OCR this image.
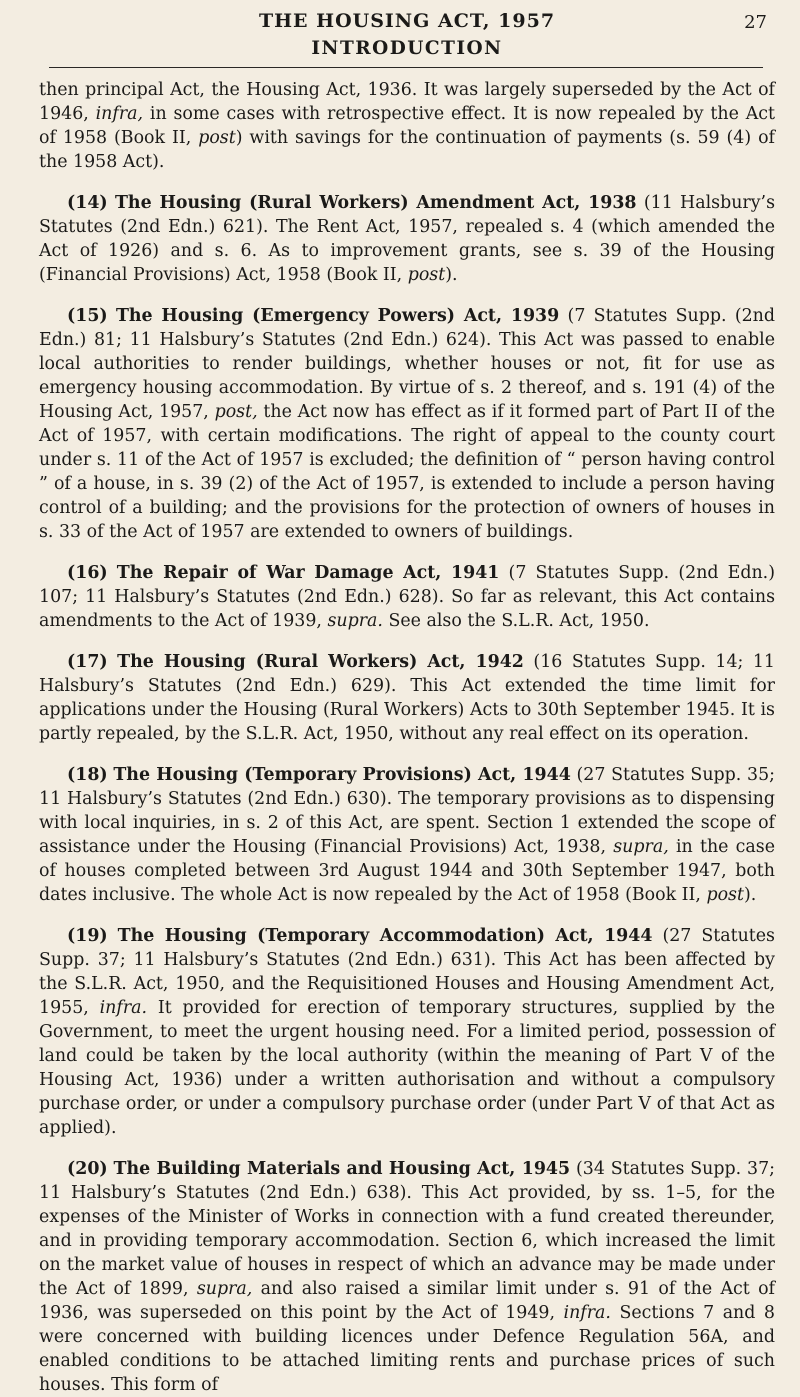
THE HOUSING ACT, 1957	27
INTRODUCTION

then principal Act, the Housing Act, 1936. It was largely superseded by the Act of 1946, infra, in some cases with retrospective effect. It is now repealed by the Act of 1958 (Book II, post) with savings for the continuation of payments (s. 59 (4) of the 1958 Act).

(14) The Housing (Rural Workers) Amendment Act, 1938 (11 Halsbury’s Statutes (2nd Edn.) 621). The Rent Act, 1957, repealed s. 4 (which amended the Act of 1926) and s. 6. As to improvement grants, see s. 39 of the Housing (Financial Provisions) Act, 1958 (Book II, post).

(15) The Housing (Emergency Powers) Act, 1939 (7 Statutes Supp. (2nd Edn.) 81; 11 Halsbury’s Statutes (2nd Edn.) 624). This Act was passed to enable local authorities to render buildings, whether houses or not, fit for use as emergency housing accommodation. By virtue of s. 2 thereof, and s. 191 (4) of the Housing Act, 1957, post, the Act now has effect as if it formed part of Part II of the Act of 1957, with certain modifications. The right of appeal to the county court under s. 11 of the Act of 1957 is excluded; the definition of “ person having control ” of a house, in s. 39 (2) of the Act of 1957, is extended to include a person having control of a building; and the provisions for the protection of owners of houses in s. 33 of the Act of 1957 are extended to owners of buildings.

(16) The Repair of War Damage Act, 1941 (7 Statutes Supp. (2nd Edn.) 107; 11 Halsbury’s Statutes (2nd Edn.) 628). So far as relevant, this Act contains amendments to the Act of 1939, supra. See also the S.L.R. Act, 1950.

(17) The Housing (Rural Workers) Act, 1942 (16 Statutes Supp. 14; 11 Halsbury’s Statutes (2nd Edn.) 629). This Act extended the time limit for applications under the Housing (Rural Workers) Acts to 30th September 1945. It is partly repealed, by the S.L.R. Act, 1950, without any real effect on its operation.

(18) The Housing (Temporary Provisions) Act, 1944 (27 Statutes Supp. 35; 11 Halsbury’s Statutes (2nd Edn.) 630). The temporary provisions as to dispensing with local inquiries, in s. 2 of this Act, are spent. Section 1 extended the scope of assistance under the Housing (Financial Provisions) Act, 1938, supra, in the case of houses completed between 3rd August 1944 and 30th September 1947, both dates inclusive. The whole Act is now repealed by the Act of 1958 (Book II, post).

(19) The Housing (Temporary Accommodation) Act, 1944 (27 Statutes Supp. 37; 11 Halsbury’s Statutes (2nd Edn.) 631). This Act has been affected by the S.L.R. Act, 1950, and the Requisitioned Houses and Housing Amendment Act, 1955, infra. It provided for erection of temporary structures, supplied by the Government, to meet the urgent housing need. For a limited period, possession of land could be taken by the local authority (within the meaning of Part V of the Housing Act, 1936) under a written authorisation and without a compulsory purchase order, or under a compulsory purchase order (under Part V of that Act as applied).

(20) The Building Materials and Housing Act, 1945 (34 Statutes Supp. 37; 11 Halsbury’s Statutes (2nd Edn.) 638). This Act provided, by ss. 1–5, for the expenses of the Minister of Works in connection with a fund created thereunder, and in providing temporary accommodation. Section 6, which increased the limit on the market value of houses in respect of which an advance may be made under the Act of 1899, supra, and also raised a similar limit under s. 91 of the Act of 1936, was superseded on this point by the Act of 1949, infra. Sections 7 and 8 were concerned with building licences under Defence Regulation 56A, and enabled conditions to be attached limiting rents and purchase prices of such houses. This form of
